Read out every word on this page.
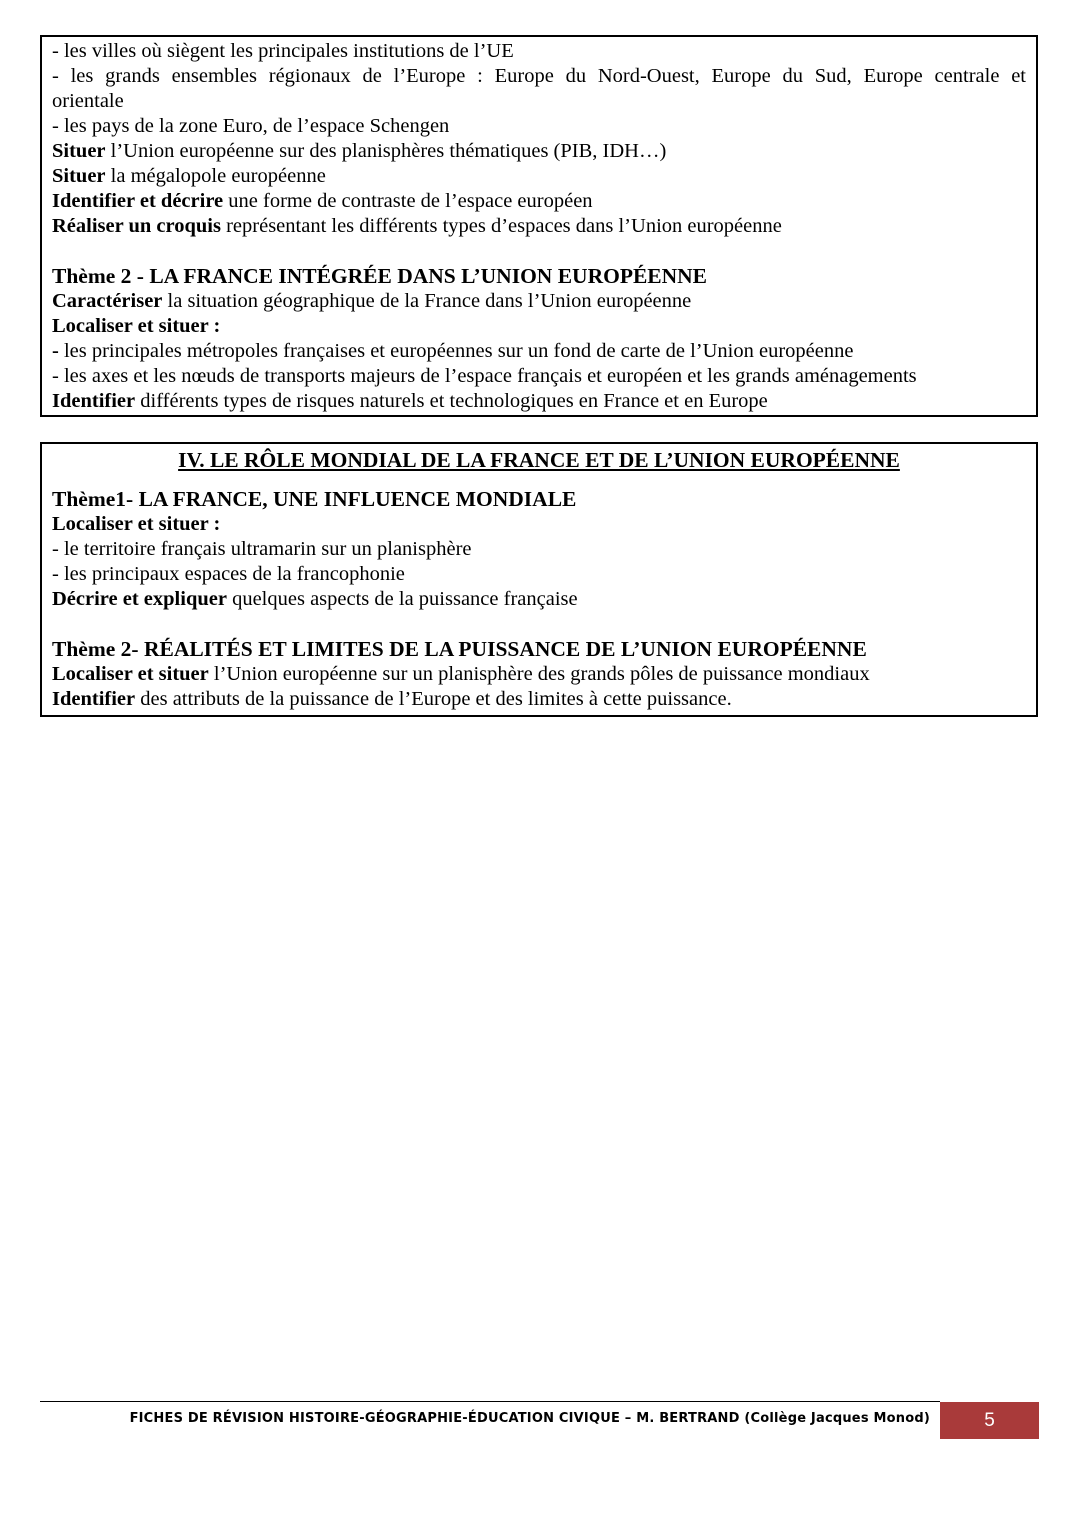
- les villes où siègent les principales institutions de l’UE
- les grands ensembles régionaux de l’Europe : Europe du Nord-Ouest, Europe du Sud, Europe centrale et
orientale
- les pays de la zone Euro, de l’espace Schengen
Situer l’Union européenne sur des planisphères thématiques (PIB, IDH…)
Situer la mégalopole européenne
Identifier et décrire une forme de contraste de l’espace européen
Réaliser un croquis représentant les différents types d’espaces dans l’Union européenne
Thème 2 - LA FRANCE INTÉGRÉE DANS L’UNION EUROPÉENNE
Caractériser la situation géographique de la France dans l’Union européenne
Localiser et situer :
- les principales métropoles françaises et européennes sur un fond de carte de l’Union européenne
- les axes et les nœuds de transports majeurs de l’espace français et européen et les grands aménagements
Identifier différents types de risques naturels et technologiques en France et en Europe
IV. LE RÔLE MONDIAL DE LA FRANCE ET DE L’UNION EUROPÉENNE
Thème1- LA FRANCE, UNE INFLUENCE MONDIALE
Localiser et situer :
- le territoire français ultramarin sur un planisphère
- les principaux espaces de la francophonie
Décrire et expliquer quelques aspects de la puissance française
Thème 2- RÉALITÉS ET LIMITES DE LA PUISSANCE DE L’UNION EUROPÉENNE
Localiser et situer l’Union européenne sur un planisphère des grands pôles de puissance mondiaux
Identifier des attributs de la puissance de l’Europe et des limites à cette puissance.
FICHES DE RÉVISION HISTOIRE-GÉOGRAPHIE-ÉDUCATION CIVIQUE – M. BERTRAND (Collège Jacques Monod)	5
